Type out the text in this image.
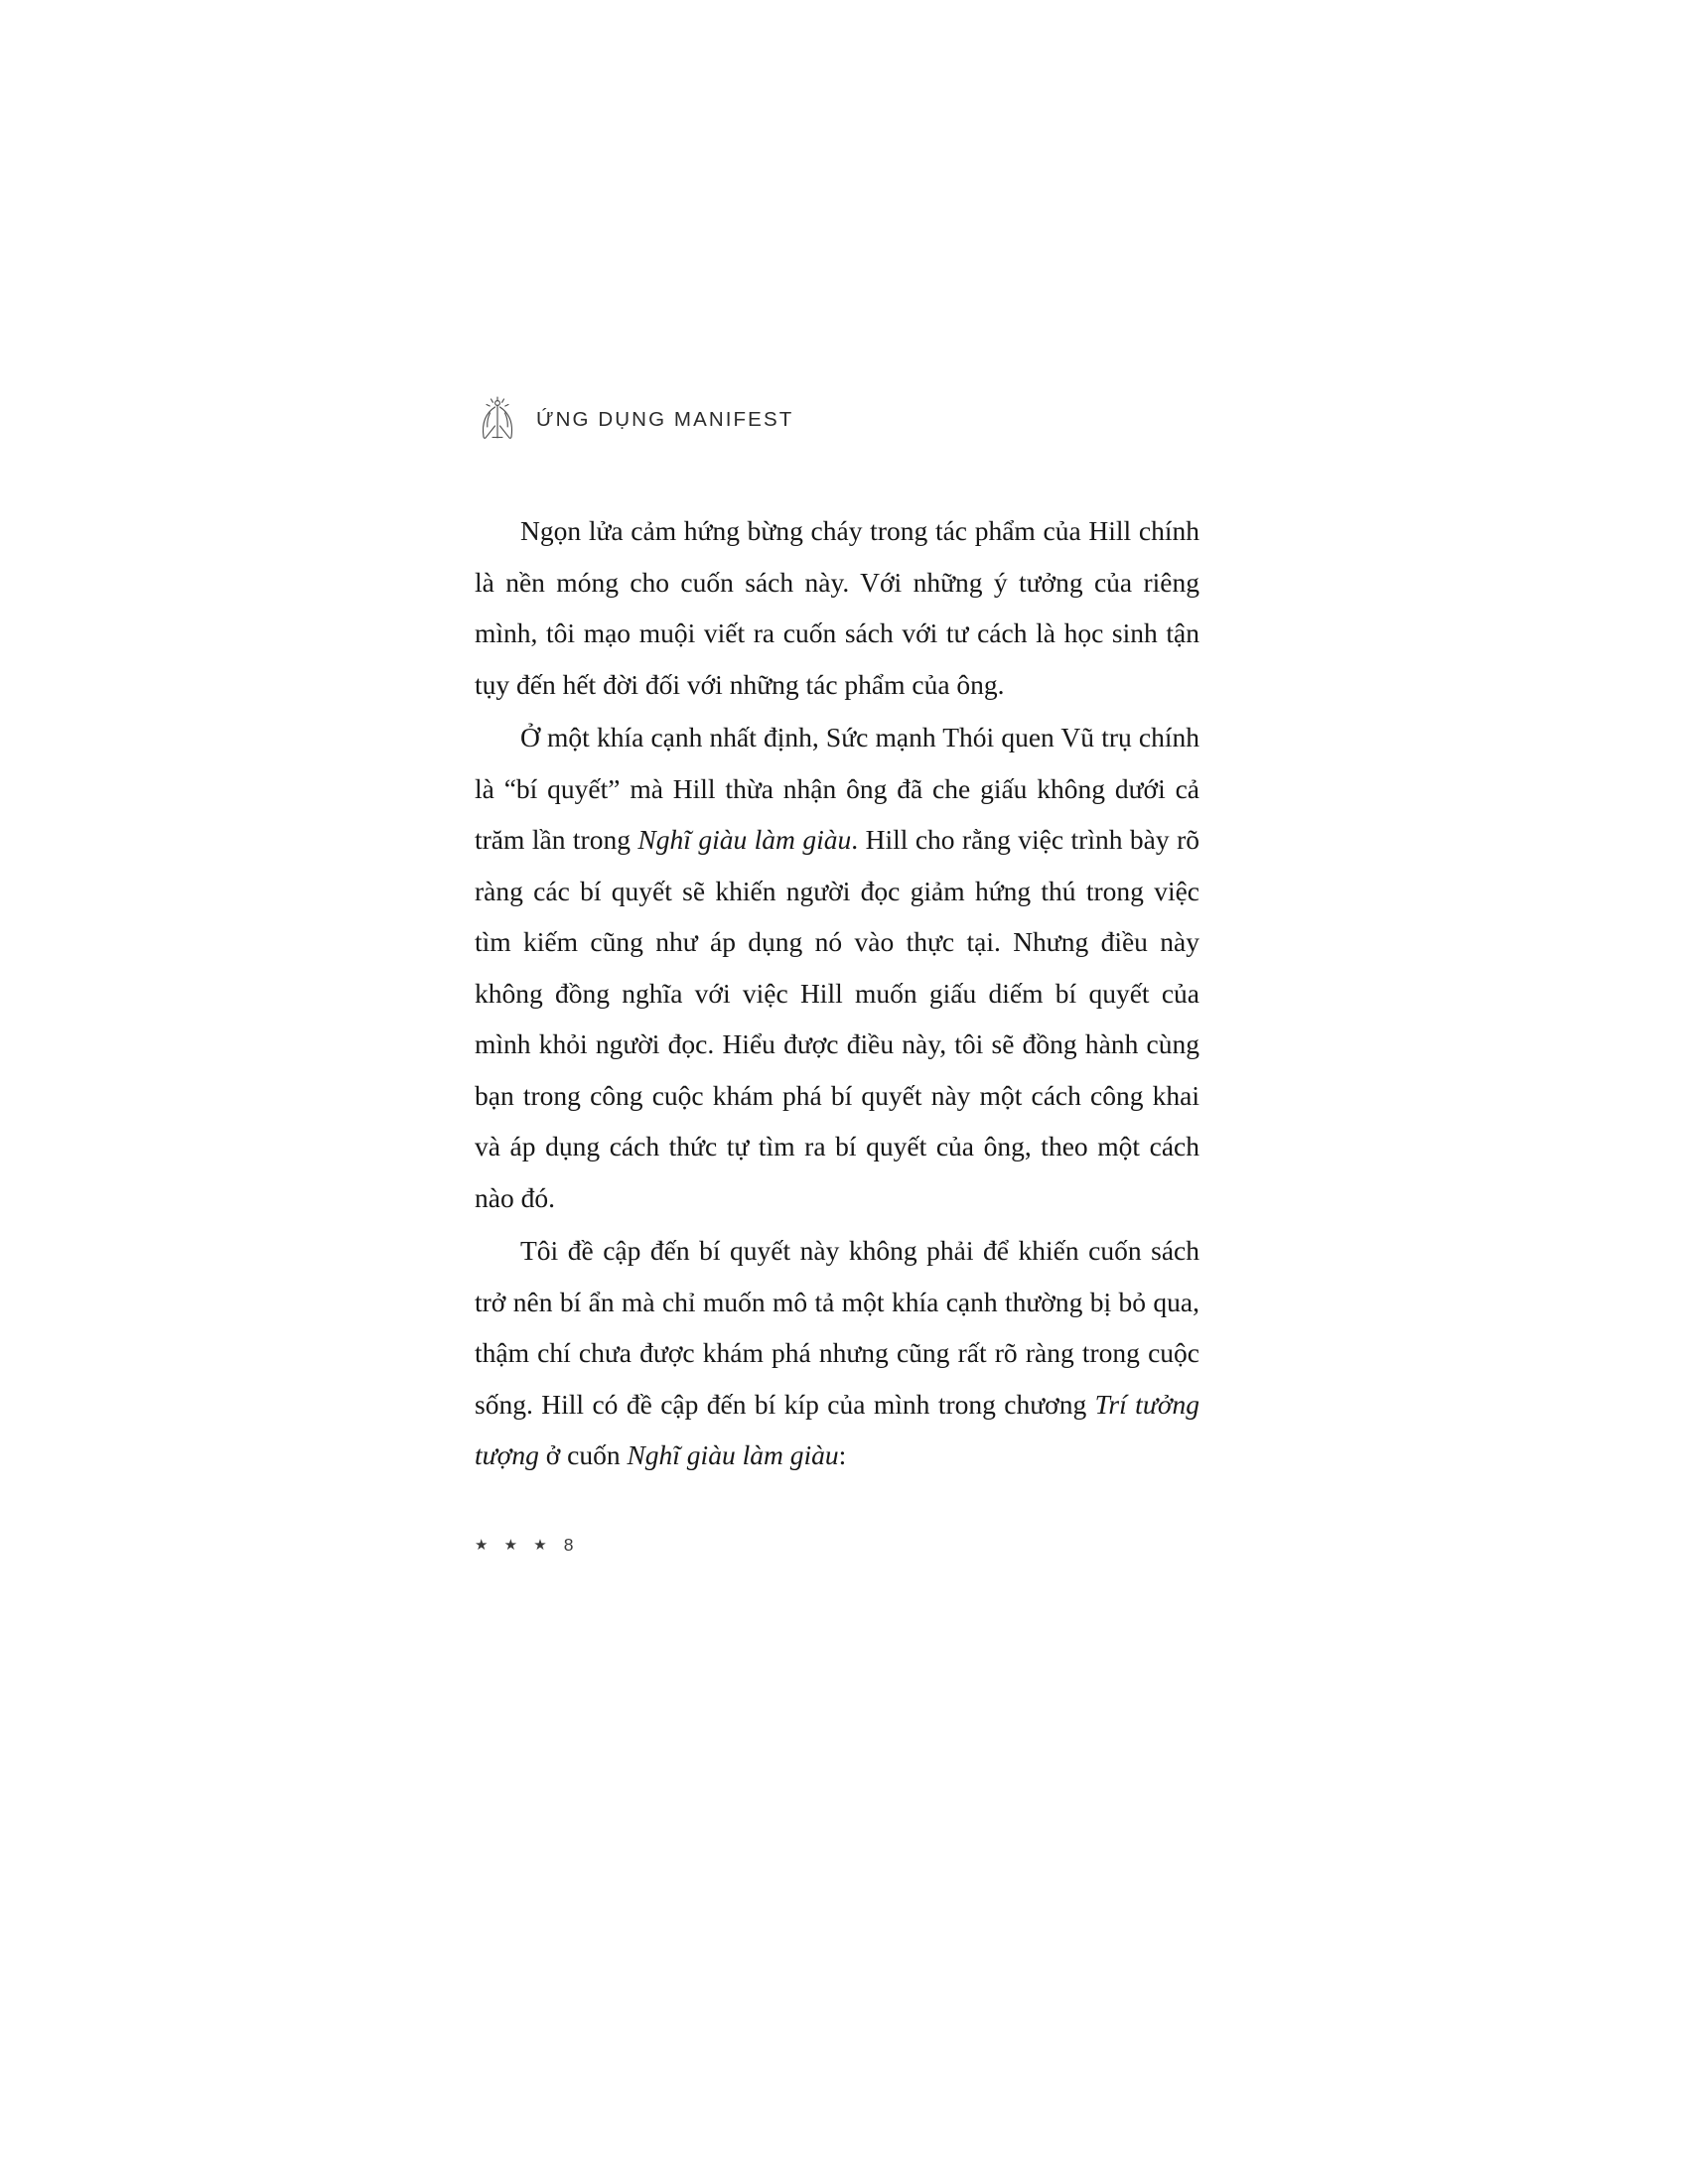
ỨNG DỤNG MANIFEST

Ngọn lửa cảm hứng bừng cháy trong tác phẩm của Hill chính là nền móng cho cuốn sách này. Với những ý tưởng của riêng mình, tôi mạo muội viết ra cuốn sách với tư cách là học sinh tận tụy đến hết đời đối với những tác phẩm của ông.

Ở một khía cạnh nhất định, Sức mạnh Thói quen Vũ trụ chính là “bí quyết” mà Hill thừa nhận ông đã che giấu không dưới cả trăm lần trong Nghĩ giàu làm giàu. Hill cho rằng việc trình bày rõ ràng các bí quyết sẽ khiến người đọc giảm hứng thú trong việc tìm kiếm cũng như áp dụng nó vào thực tại. Nhưng điều này không đồng nghĩa với việc Hill muốn giấu diếm bí quyết của mình khỏi người đọc. Hiểu được điều này, tôi sẽ đồng hành cùng bạn trong công cuộc khám phá bí quyết này một cách công khai và áp dụng cách thức tự tìm ra bí quyết của ông, theo một cách nào đó.

Tôi đề cập đến bí quyết này không phải để khiến cuốn sách trở nên bí ẩn mà chỉ muốn mô tả một khía cạnh thường bị bỏ qua, thậm chí chưa được khám phá nhưng cũng rất rõ ràng trong cuộc sống. Hill có đề cập đến bí kíp của mình trong chương Trí tưởng tượng ở cuốn Nghĩ giàu làm giàu:

★ ★ ★ 8
